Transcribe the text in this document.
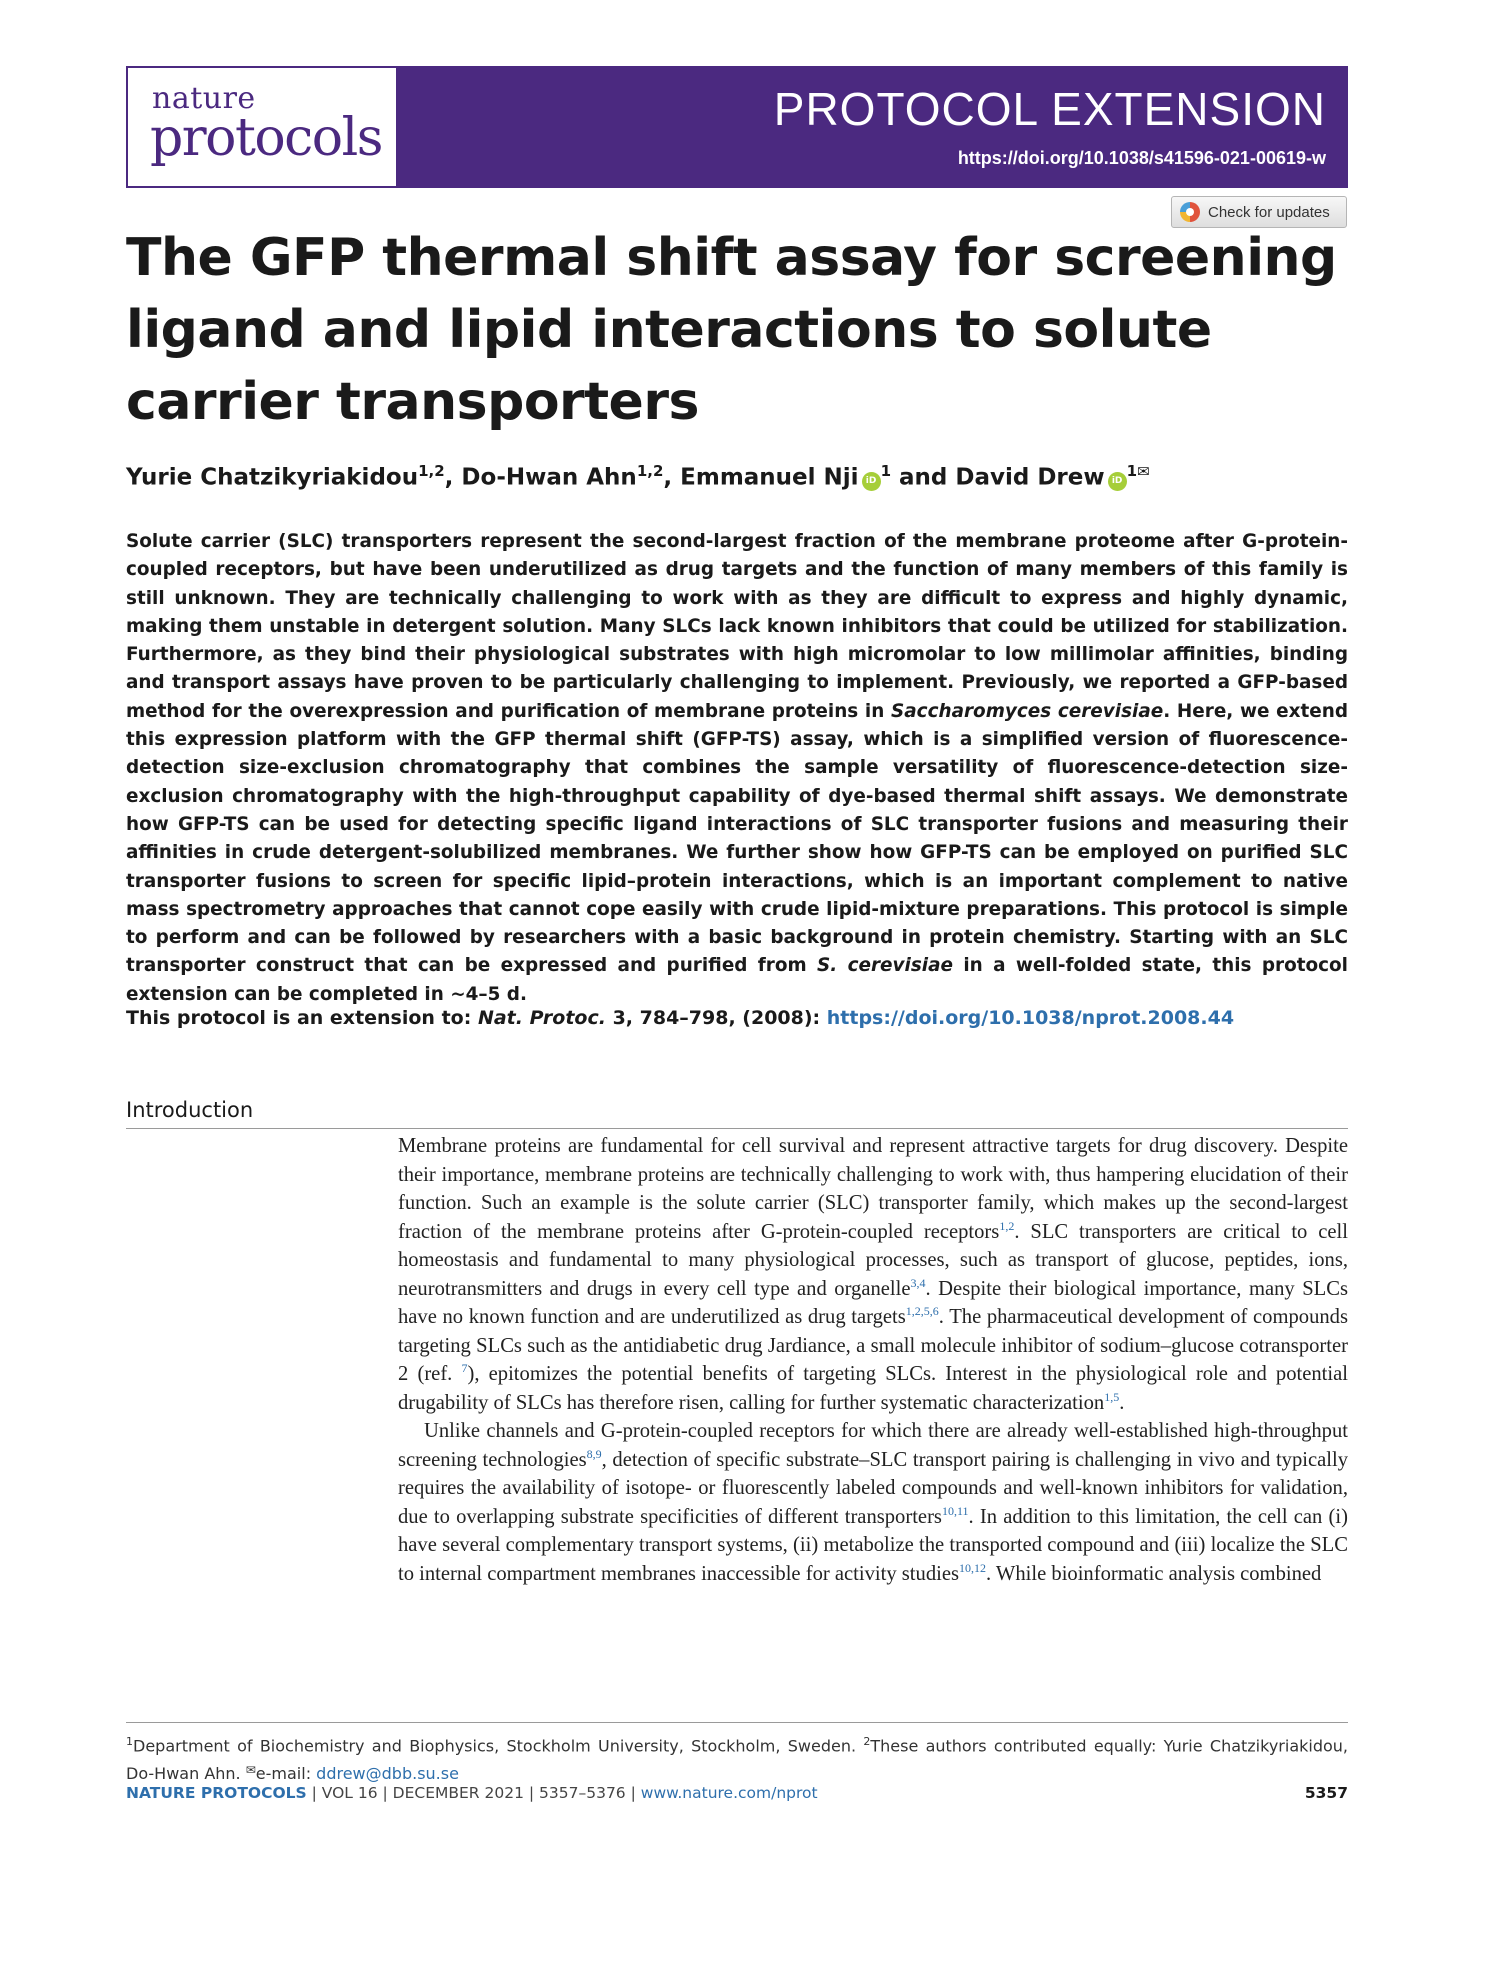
nature
protocols	PROTOCOL EXTENSION
https://doi.org/10.1038/s41596-021-00619-w
Check for updates
The GFP thermal shift assay for screening ligand and lipid interactions to solute carrier transporters
Yurie Chatzikyriakidou$^{1,2}$, Do-Hwan Ahn$^{1,2}$, Emmanuel Nji $iD^1$ and David Drew $iD^{1✉}$

Solute carrier (SLC) transporters represent the second-largest fraction of the membrane proteome after G-protein-coupled receptors, but have been underutilized as drug targets and the function of many members of this family is still unknown. They are technically challenging to work with as they are difficult to express and highly dynamic, making them unstable in detergent solution. Many SLCs lack known inhibitors that could be utilized for stabilization. Furthermore, as they bind their physiological substrates with high micromolar to low millimolar affinities, binding and transport assays have proven to be particularly challenging to implement. Previously, we reported a GFP-based method for the overexpression and purification of membrane proteins in Saccharomyces cerevisiae. Here, we extend this expression platform with the GFP thermal shift (GFP-TS) assay, which is a simplified version of fluorescence-detection size-exclusion chromatography that combines the sample versatility of fluorescence-detection size-exclusion chromatography with the high-throughput capability of dye-based thermal shift assays. We demonstrate how GFP-TS can be used for detecting specific ligand interactions of SLC transporter fusions and measuring their affinities in crude detergent-solubilized membranes. We further show how GFP-TS can be employed on purified SLC transporter fusions to screen for specific lipid–protein interactions, which is an important complement to native mass spectrometry approaches that cannot cope easily with crude lipid-mixture preparations. This protocol is simple to perform and can be followed by researchers with a basic background in protein chemistry. Starting with an SLC transporter construct that can be expressed and purified from S. cerevisiae in a well-folded state, this protocol extension can be completed in ~4–5 d.

This protocol is an extension to: Nat. Protoc. 3, 784–798, (2008): https://doi.org/10.1038/nprot.2008.44
Introduction

Membrane proteins are fundamental for cell survival and represent attractive targets for drug discovery. Despite their importance, membrane proteins are technically challenging to work with, thus hampering elucidation of their function. Such an example is the solute carrier (SLC) transporter family, which makes up the second-largest fraction of the membrane proteins after G-protein-coupled receptors$^{1,2}$. SLC transporters are critical to cell homeostasis and fundamental to many physiological processes, such as transport of glucose, peptides, ions, neurotransmitters and drugs in every cell type and organelle$^{3,4}$. Despite their biological importance, many SLCs have no known function and are underutilized as drug targets$^{1,2,5,6}$. The pharmaceutical development of compounds targeting SLCs such as the antidiabetic drug Jardiance, a small molecule inhibitor of sodium–glucose cotransporter 2 (ref. $^7$), epitomizes the potential benefits of targeting SLCs. Interest in the physiological role and potential drugability of SLCs has therefore risen, calling for further systematic characterization$^{1,5}$.

Unlike channels and G-protein-coupled receptors for which there are already well-established high-throughput screening technologies$^{8,9}$, detection of specific substrate–SLC transport pairing is challenging in vivo and typically requires the availability of isotope- or fluorescently labeled compounds and well-known inhibitors for validation, due to overlapping substrate specificities of different transporters$^{10,11}$. In addition to this limitation, the cell can (i) have several complementary transport systems, (ii) metabolize the transported compound and (iii) localize the SLC to internal compartment membranes inaccessible for activity studies$^{10,12}$. While bioinformatic analysis combined

$^1$Department of Biochemistry and Biophysics, Stockholm University, Stockholm, Sweden. $^2$These authors contributed equally: Yurie Chatzikyriakidou, Do-Hwan Ahn. ✉e-mail: ddrew@dbb.su.se
NATURE PROTOCOLS | VOL 16 | DECEMBER 2021 | 5357–5376 | www.nature.com/nprot	5357
